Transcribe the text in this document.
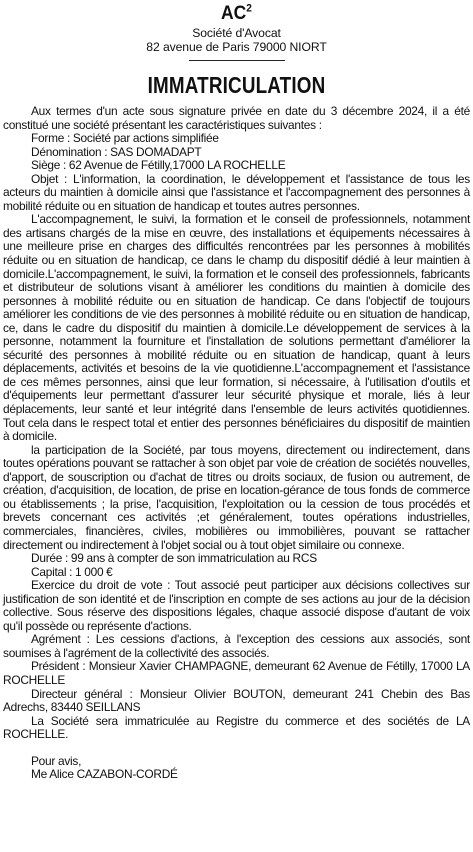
$AC^2$

Société d'Avocat

82 avenue de Paris 79000 NIORT

IMMATRICULATION

Aux termes d'un acte sous signature privée en date du 3 décembre 2024, il a été constitué une société présentant les caractéristiques suivantes :

Forme : Société par actions simplifiée

Dénomination : SAS DOMADAPT

Siège : 62 Avenue de Fétilly,17000 LA ROCHELLE

Objet : L'information, la coordination, le développement et l'assistance de tous les acteurs du maintien à domicile ainsi que l'assistance et l'accompagnement des personnes à mobilité réduite ou en situation de handicap et toutes autres personnes.

L'accompagnement, le suivi, la formation et le conseil de professionnels, notamment des artisans chargés de la mise en œuvre, des installations et équipements nécessaires à une meilleure prise en charges des difficultés rencontrées par les personnes à mobilités réduite ou en situation de handicap, ce dans le champ du dispositif dédié à leur maintien à domicile.L'accompagnement, le suivi, la formation et le conseil des professionnels, fabricants et distributeur de solutions visant à améliorer les conditions du maintien à domicile des personnes à mobilité réduite ou en situation de handicap. Ce dans l'objectif de toujours améliorer les conditions de vie des personnes à mobilité réduite ou en situation de handicap, ce, dans le cadre du dispositif du maintien à domicile.Le développement de services à la personne, notamment la fourniture et l'installation de solutions permettant d'améliorer la sécurité des personnes à mobilité réduite ou en situation de handicap, quant à leurs déplacements, activités et besoins de la vie quotidienne.L'accompagnement et l'assistance de ces mêmes personnes, ainsi que leur formation, si nécessaire, à l'utilisation d'outils et d'équipements leur permettant d'assurer leur sécurité physique et morale, liés à leur déplacements, leur santé et leur intégrité dans l'ensemble de leurs activités quotidiennes. Tout cela dans le respect total et entier des personnes bénéficiaires du dispositif de maintien à domicile.

la participation de la Société, par tous moyens, directement ou indirectement, dans toutes opérations pouvant se rattacher à son objet par voie de création de sociétés nouvelles, d'apport, de souscription ou d'achat de titres ou droits sociaux, de fusion ou autrement, de création, d'acquisition, de location, de prise en location-gérance de tous fonds de commerce ou établissements ; la prise, l'acquisition, l'exploitation ou la cession de tous procédés et brevets concernant ces activités ;et généralement, toutes opérations industrielles, commerciales, financières, civiles, mobilières ou immobilières, pouvant se rattacher directement ou indirectement à l'objet social ou à tout objet similaire ou connexe.

Durée : 99 ans à compter de son immatriculation au RCS

Capital : 1 000 €

Exercice du droit de vote : Tout associé peut participer aux décisions collectives sur justification de son identité et de l'inscription en compte de ses actions au jour de la décision collective. Sous réserve des dispositions légales, chaque associé dispose d'autant de voix qu'il possède ou représente d'actions.

Agrément : Les cessions d'actions, à l'exception des cessions aux associés, sont soumises à l'agrément de la collectivité des associés.

Président : Monsieur Xavier CHAMPAGNE, demeurant 62 Avenue de Fétilly, 17000 LA ROCHELLE

Directeur général : Monsieur Olivier BOUTON, demeurant 241 Chebin des Bas Adrechs, 83440 SEILLANS

La Société sera immatriculée au Registre du commerce et des sociétés de LA ROCHELLE.

Pour avis,

Me Alice CAZABON-CORDÉ
